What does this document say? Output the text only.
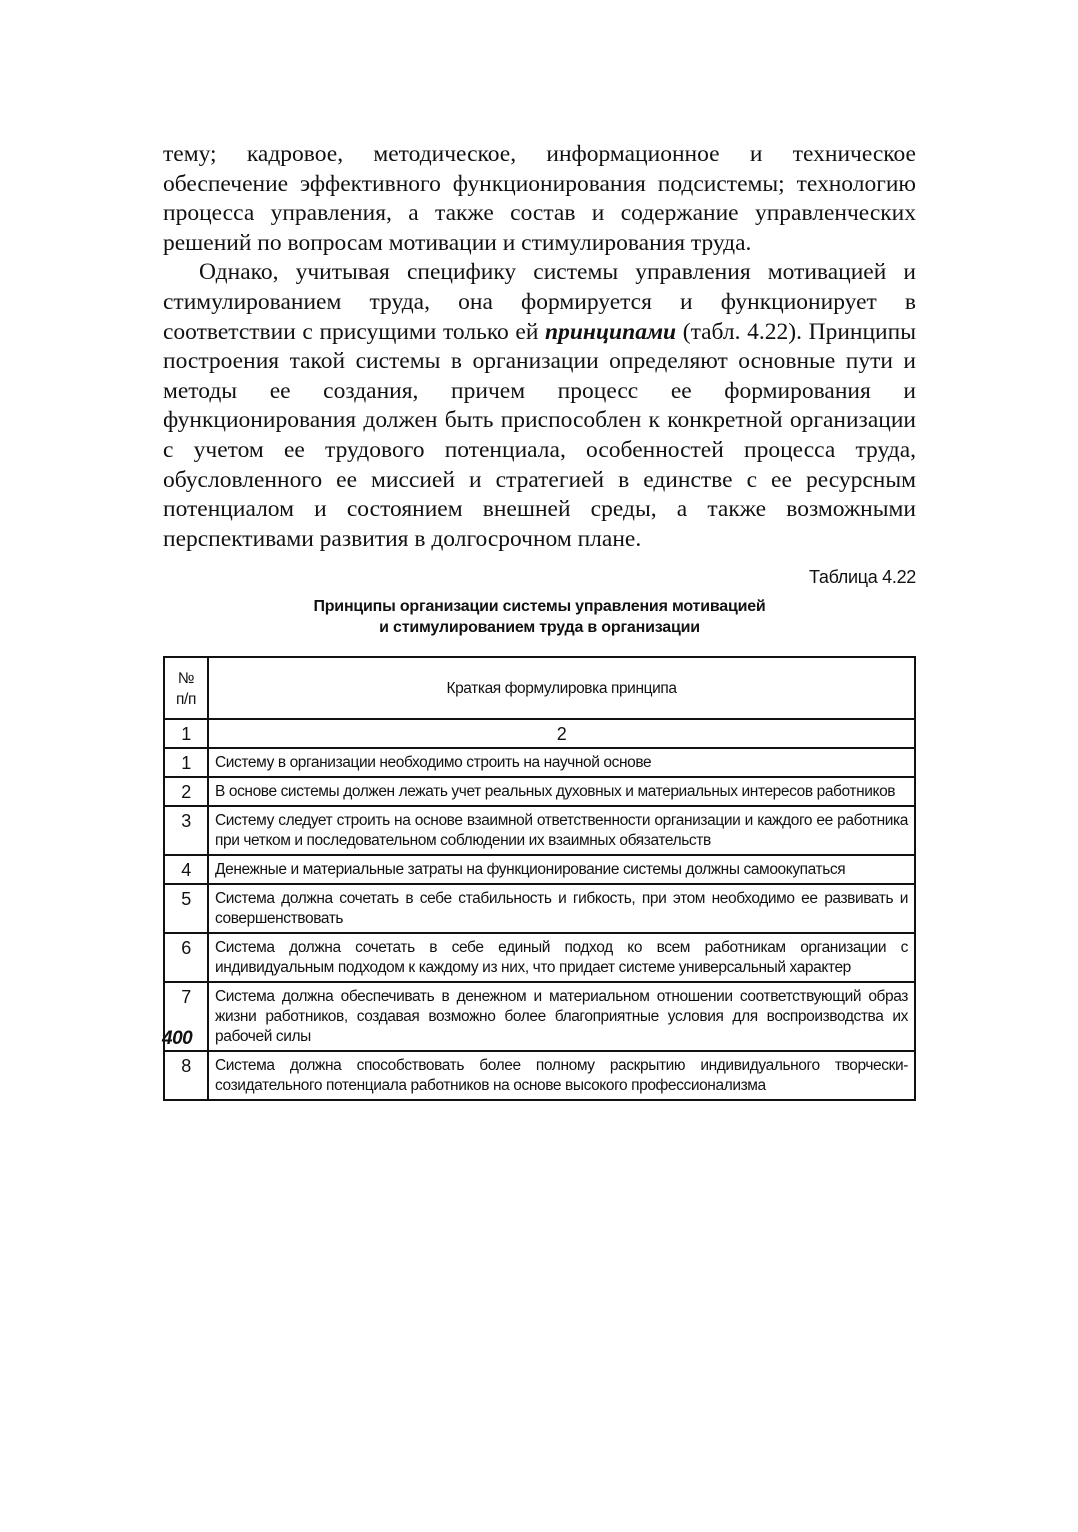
тему; кадровое, методическое, информационное и техническое обеспечение эффективного функционирования подсистемы; технологию процесса управления, а также состав и содержание управленческих решений по вопросам мотивации и стимулирования труда.

Однако, учитывая специфику системы управления мотивацией и стимулированием труда, она формируется и функционирует в соответствии с присущими только ей принципами (табл. 4.22). Принципы построения такой системы в организации определяют основные пути и методы ее создания, причем процесс ее формирования и функционирования должен быть приспособлен к конкретной организации с учетом ее трудового потенциала, особенностей процесса труда, обусловленного ее миссией и стратегией в единстве с ее ресурсным потенциалом и состоянием внешней среды, а также возможными перспективами развития в долгосрочном плане.

Таблица 4.22
Принципы организации системы управления мотивацией
и стимулированием труда в организации
№
п/п	Краткая формулировка принципа
1	2
1	Систему в организации необходимо строить на научной основе
2	В основе системы должен лежать учет реальных духовных и материальных интересов работников
3	Систему следует строить на основе взаимной ответственности организации и каждого ее работника при четком и последовательном соблюдении их взаимных обязательств
4	Денежные и материальные затраты на функционирование системы должны самоокупаться
5	Система должна сочетать в себе стабильность и гибкость, при этом необходимо ее развивать и совершенствовать
6	Система должна сочетать в себе единый подход ко всем работникам организации с индивидуальным подходом к каждому из них, что придает системе универсальный характер
7	Система должна обеспечивать в денежном и материальном отношении соответствующий образ жизни работников, создавая возможно более благоприятные условия для воспроизводства их рабочей силы
8	Система должна способствовать более полному раскрытию индивидуального творчески-созидательного потенциала работников на основе высокого профессионализма
400
